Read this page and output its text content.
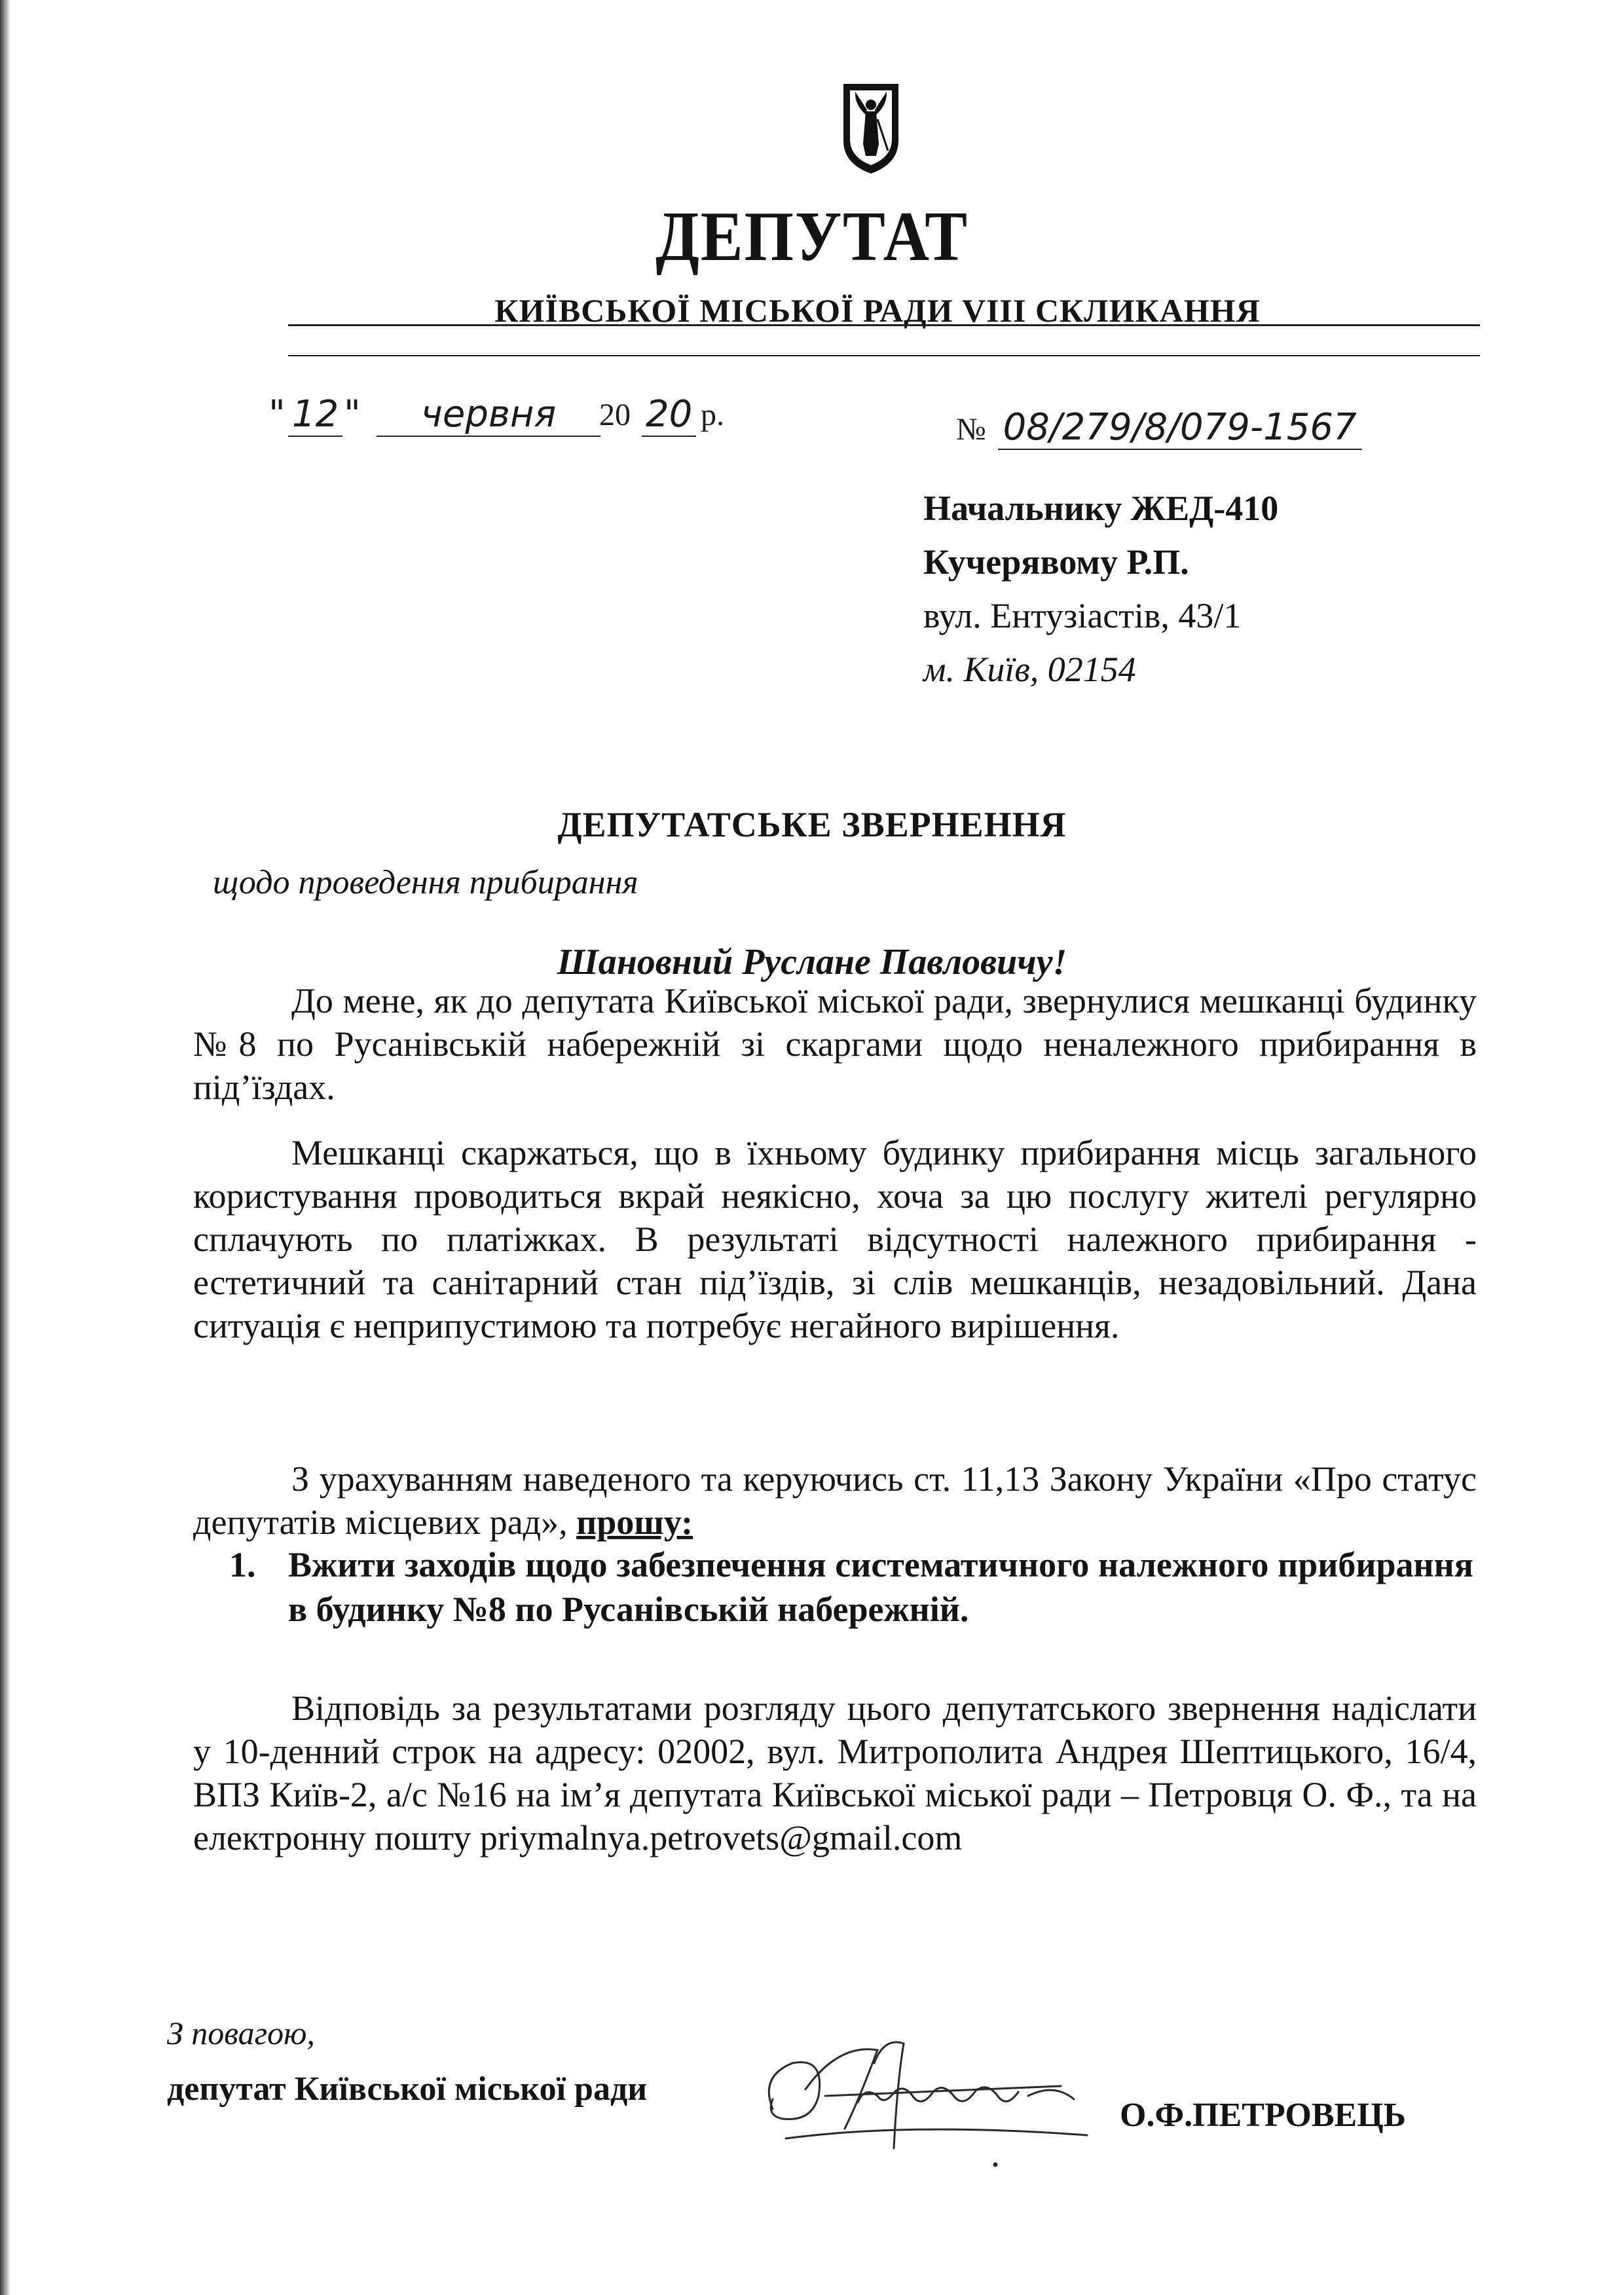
ДЕПУТАТ
КИЇВСЬКОЇ МІСЬКОЇ РАДИ VIII СКЛИКАННЯ
" 12 "	червня	20 20 р.	№ 08/279/8/079-1567
Начальнику ЖЕД-410
Кучерявому Р.П.
вул. Ентузіастів, 43/1
м. Київ, 02154
ДЕПУТАТСЬКЕ ЗВЕРНЕННЯ
щодо проведення прибирання
Шановний Руслане Павловичу!
До мене, як до депутата Київської міської ради, звернулися мешканці будинку №8 по Русанівській набережній зі скаргами щодо неналежного прибирання в під’їздах.
Мешканці скаржаться, що в їхньому будинку прибирання місць загального користування проводиться вкрай неякісно, хоча за цю послугу жителі регулярно сплачують по платіжках. В результаті відсутності належного прибирання - естетичний та санітарний стан під’їздів, зі слів мешканців, незадовільний. Дана ситуація є неприпустимою та потребує негайного вирішення.
З урахуванням наведеного та керуючись ст. 11,13 Закону України «Про статус депутатів місцевих рад», прошу:
1. Вжити заходів щодо забезпечення систематичного належного прибирання в будинку №8 по Русанівській набережній.
Відповідь за результатами розгляду цього депутатського звернення надіслати у 10-денний строк на адресу: 02002, вул. Митрополита Андрея Шептицького, 16/4, ВПЗ Київ-2, а/с №16 на ім’я депутата Київської міської ради – Петровця О. Ф., та на електронну пошту priymalnya.petrovets@gmail.com
З повагою,
депутат Київської міської ради
О.Ф.ПЕТРОВЕЦЬ
